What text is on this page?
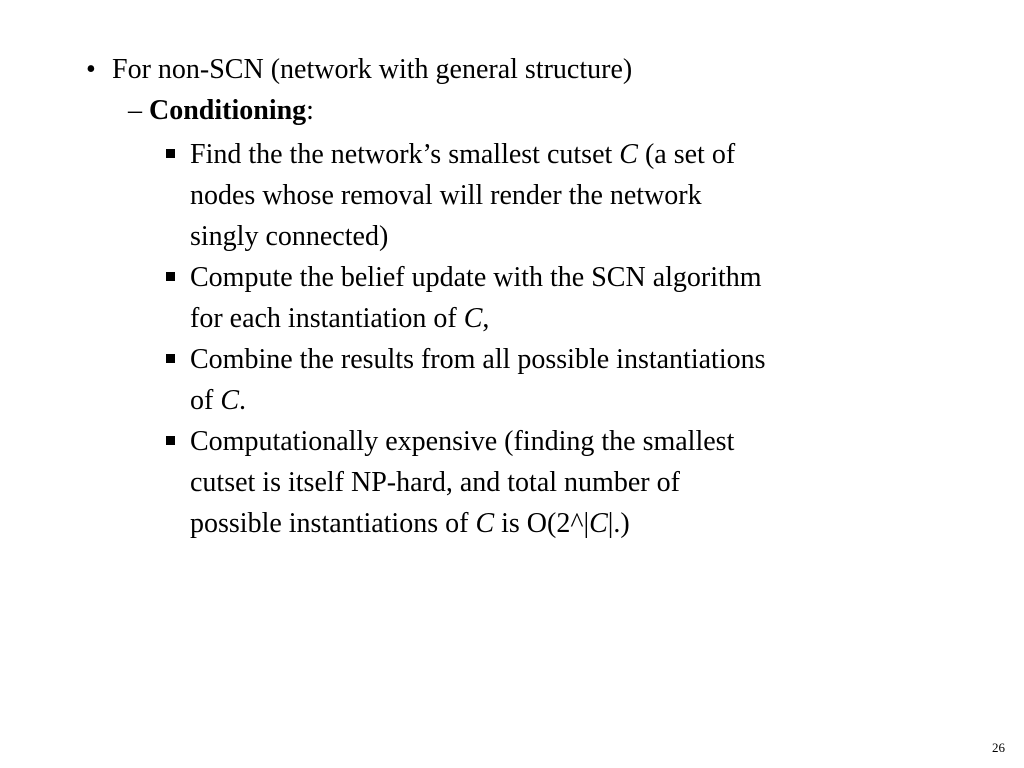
• For non-SCN (network with general structure)
– Conditioning:
Find the the network’s smallest cutset C (a set of
nodes whose removal will render the network
singly connected)
Compute the belief update with the SCN algorithm
for each instantiation of C,
Combine the results from all possible instantiations
of C.
Computationally expensive (finding the smallest
cutset is itself NP-hard, and total number of
possible instantiations of C is O(2^|C|.)
26
